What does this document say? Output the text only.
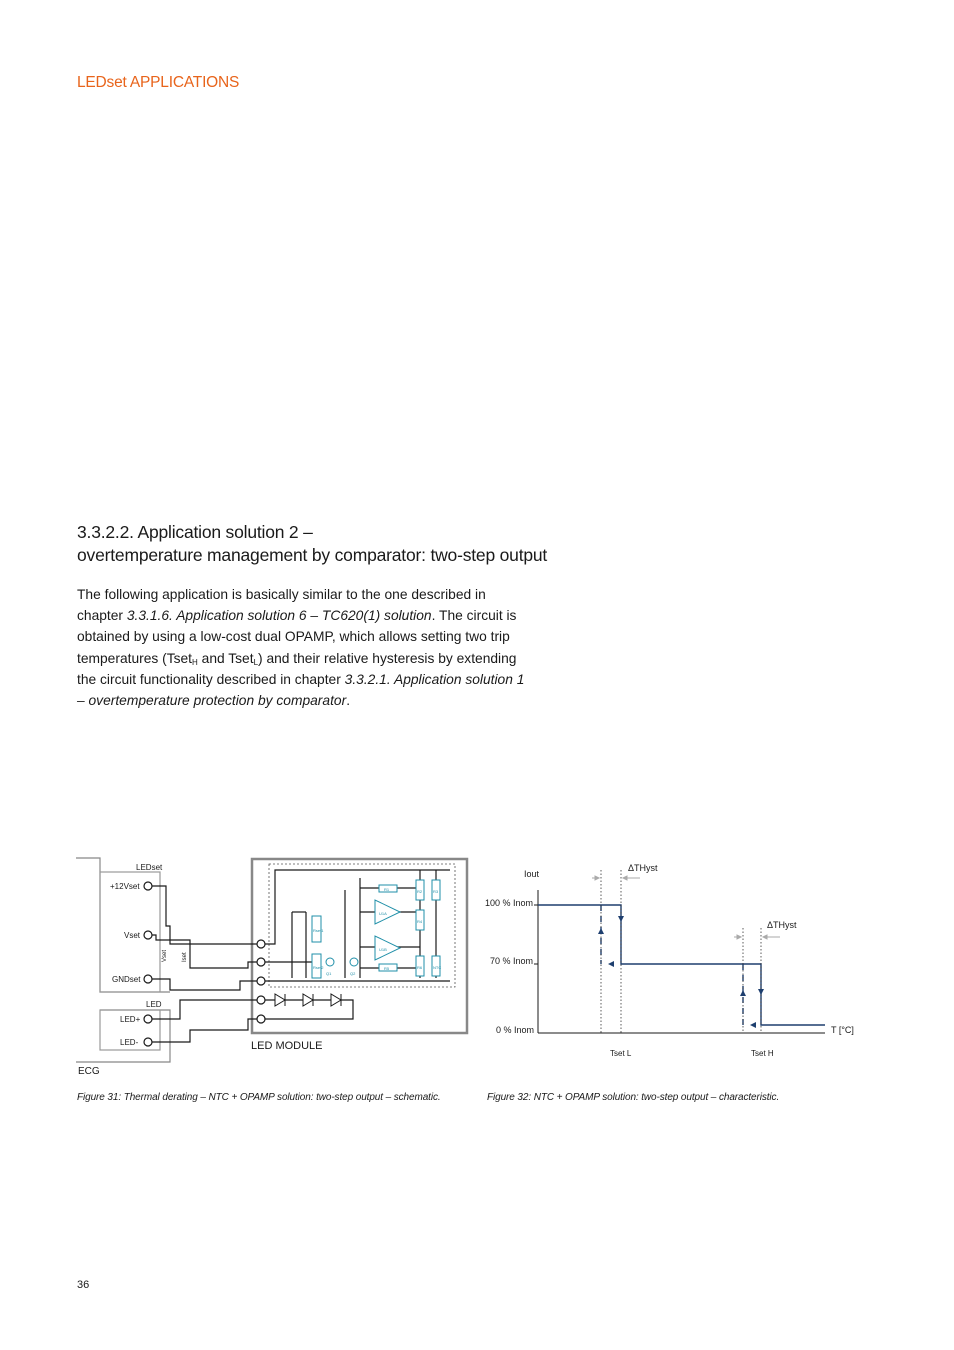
LEDset APPLICATIONS
3.3.2.2. Application solution 2 –
overtemperature management by comparator: two-step output
The following application is basically similar to the one described in chapter 3.3.1.6. Application solution 6 – TC620(1) solution. The circuit is obtained by using a low-cost dual OPAMP, which allows setting two trip temperatures (Tset$_H$ and Tset$_L$) and their relative hysteresis by extending the circuit functionality described in chapter 3.3.2.1. Application solution 1 – overtemperature protection by comparator.
LEDset
+12Vset
Vset
GNDset
LED
LED+
LED-
Vset Iset
ECG
LED MODULE
R1	R2	R3
R4
R5	R6	NTC
U1A
U1B
Rset1
Rset2
Q1	Q2
Iout
100 % Inom
70 % Inom
0 % Inom	T [°C]
Tset L	Tset H
ΔTHyst
ΔTHyst
Figure 31: Thermal derating – NTC + OPAMP solution: two-step output – schematic.	Figure 32: NTC + OPAMP solution: two-step output – characteristic.
36
